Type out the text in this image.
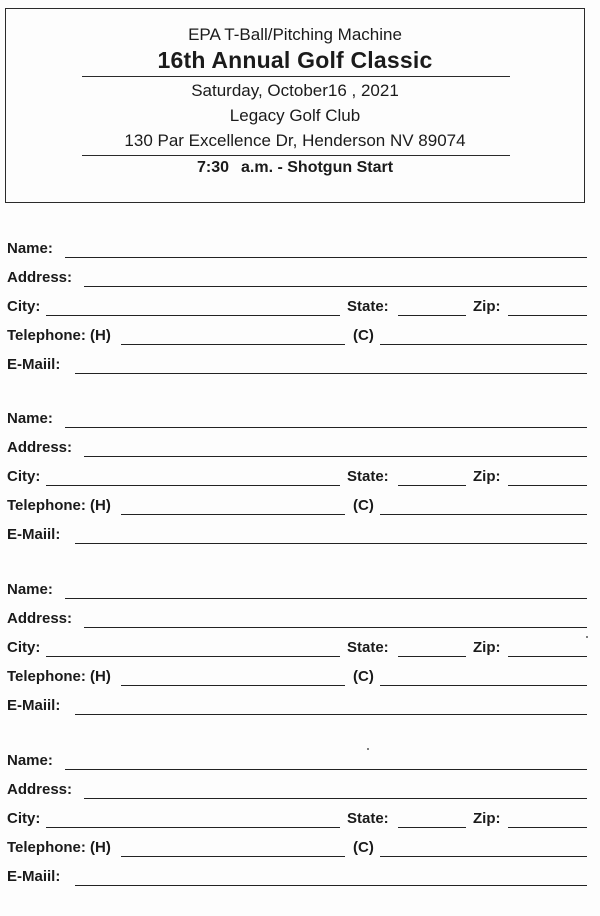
EPA T-Ball/Pitching Machine
16th Annual Golf Classic
Saturday, October16 , 2021
Legacy Golf Club
130 Par Excellence Dr, Henderson NV 89074
7:30 a.m. - Shotgun Start
Name:
Address:
City:	State:	Zip:
Telephone: (H)	(C)
E-Maiil:
Name:
Address:
City:	State:	Zip:
Telephone: (H)	(C)
E-Maiil:
Name:
Address:
City:	State:	Zip:
Telephone: (H)	(C)
E-Maiil:
Name:
Address:
City:	State:	Zip:
Telephone: (H)	(C)
E-Maiil:
